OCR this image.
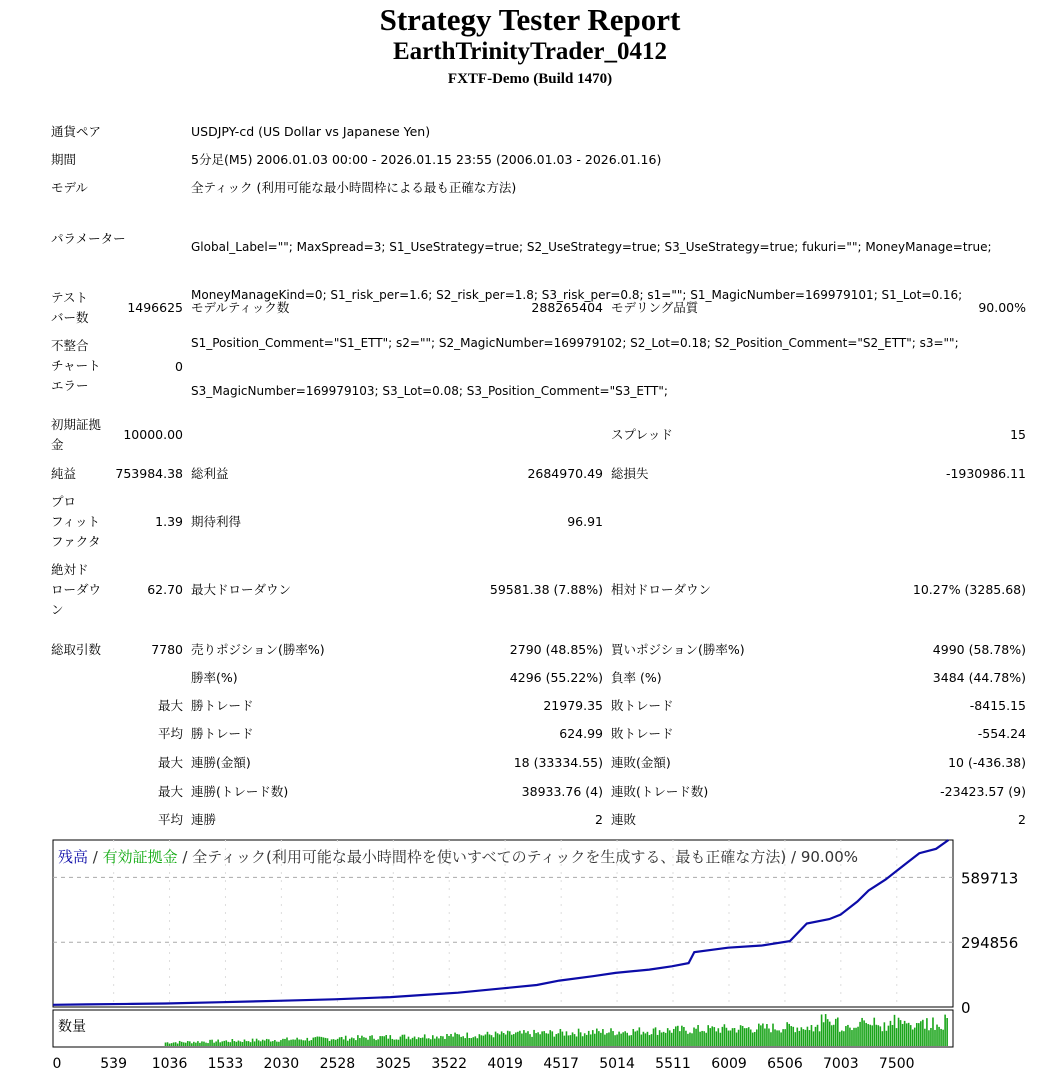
Strategy Tester Report
EarthTrinityTrader_0412
FXTF-Demo (Build 1470)
通貨ペア	USDJPY-cd (US Dollar vs Japanese Yen)
期間	5分足(M5) 2006.01.03 00:00 - 2026.01.15 23:55 (2006.01.03 - 2026.01.16)
モデル	全ティック (利用可能な最小時間枠による最も正確な方法)
パラメーター

Global_Label=""; MaxSpread=3; S1_UseStrategy=true; S2_UseStrategy=true; S3_UseStrategy=true; fukuri=""; MoneyManage=true;

MoneyManageKind=0; S1_risk_per=1.6; S2_risk_per=1.8; S3_risk_per=0.8; s1=""; S1_MagicNumber=169979101; S1_Lot=0.16;

S1_Position_Comment="S1_ETT"; s2=""; S2_MagicNumber=169979102; S2_Lot=0.18; S2_Position_Comment="S2_ETT"; s3="";

S3_MagicNumber=169979103; S3_Lot=0.08; S3_Position_Comment="S3_ETT";

テスト
バー数
1496625 モデルティック数	288265404 モデリング品質	90.00%
不整合
チャート
エラー
0
初期証拠
金
10000.00	スプレッド	15
純益	753984.38 総利益	2684970.49 総損失	-1930986.11
プロ
フィット
ファクタ
1.39 期待利得	96.91
絶対ド
ローダウ
ン
62.70 最大ドローダウン	59581.38 (7.88%) 相対ドローダウン	10.27% (3285.68)
総取引数	7780 売りポジション(勝率%)	2790 (48.85%) 買いポジション(勝率%)	4990 (58.78%)
勝率(%)	4296 (55.22%) 負率 (%)	3484 (44.78%)
最大 勝トレード	21979.35 敗トレード	-8415.15
平均 勝トレード	624.99 敗トレード	-554.24
最大 連勝(金額)	18 (33334.55) 連敗(金額)	10 (-436.38)
最大 連勝(トレード数)	38933.76 (4) 連敗(トレード数)	-23423.57 (9)
平均 連勝	2 連敗	2
589713
294856
0
0	539 1036 1533 2030 2528 3025 3522 4019 4517 5014 5511 6009 6506 7003 7500
残高 / 有効証拠金 / 全ティック(利用可能な最小時間枠を使いすべてのティックを生成する、最も正確な方法) / 90.00%
数量
